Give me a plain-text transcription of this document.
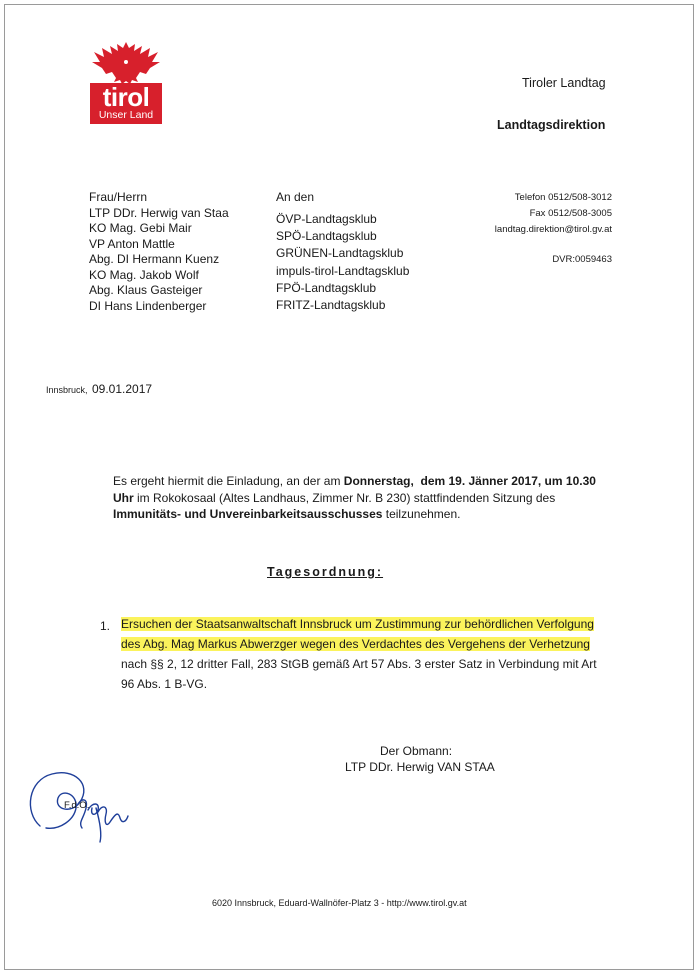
tirol
Unser Land
Tiroler Landtag
Landtagsdirektion
Frau/Herrn
LTP DDr. Herwig van Staa
KO Mag. Gebi Mair
VP Anton Mattle
Abg. DI Hermann Kuenz
KO Mag. Jakob Wolf
Abg. Klaus Gasteiger
DI Hans Lindenberger
An den
ÖVP-Landtagsklub
SPÖ-Landtagsklub
GRÜNEN-Landtagsklub
impuls-tirol-Landtagsklub
FPÖ-Landtagsklub
FRITZ-Landtagsklub
Telefon 0512/508-3012
Fax 0512/508-3005
landtag.direktion@tirol.gv.at
DVR:0059463
Innsbruck, 09.01.2017
Es ergeht hiermit die Einladung, an der am Donnerstag, dem 19. Jänner 2017, um 10.30 Uhr im Rokokosaal (Altes Landhaus, Zimmer Nr. B 230) stattfindenden Sitzung des Immunitäts- und Unvereinbarkeitsausschusses teilzunehmen.
Tagesordnung:
1. Ersuchen der Staatsanwaltschaft Innsbruck um Zustimmung zur behördlichen Verfolgung des Abg. Mag Markus Abwerzger wegen des Verdachtes des Vergehens der Verhetzung nach §§ 2, 12 dritter Fall, 283 StGB gemäß Art 57 Abs. 3 erster Satz in Verbindung mit Art 96 Abs. 1 B-VG.
Der Obmann:
LTP DDr. Herwig VAN STAA
F.d.O.
6020 Innsbruck, Eduard-Wallnöfer-Platz 3 - http://www.tirol.gv.at
